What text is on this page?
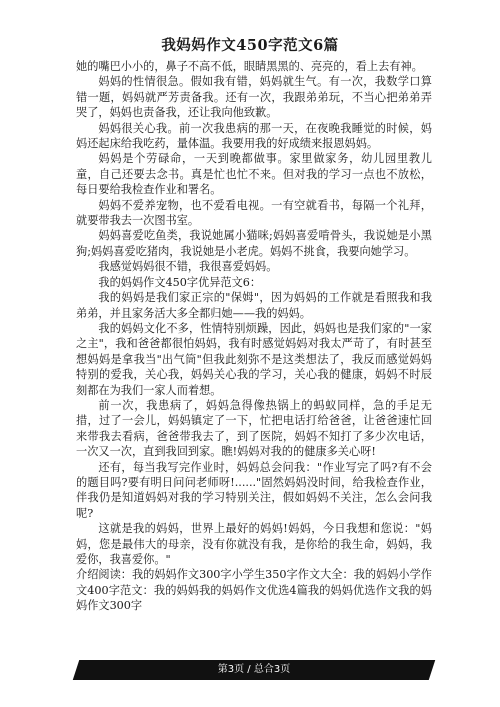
我妈妈作文450字范文6篇

她的嘴巴小小的，鼻子不高不低，眼睛黑黑的、亮亮的，看上去有神。

妈妈的性情很急。假如我有错，妈妈就生气。有一次，我数学口算错一题，妈妈就严芳责备我。还有一次，我跟弟弟玩，不当心把弟弟弄哭了，妈妈也责备我，还让我向他致歉。

妈妈很关心我。前一次我患病的那一天，在夜晚我睡觉的时候，妈妈还起床给我吃药，量体温。我要用我的好成绩来报恩妈妈。

妈妈是个劳碌命，一天到晚都做事。家里做家务，幼儿园里教儿童，自己还要去念书。真是忙也忙不来。但对我的学习一点也不放松，每日要给我检查作业和署名。

妈妈不爱养宠物，也不爱看电视。一有空就看书，每隔一个礼拜，就要带我去一次图书室。

妈妈喜爱吃鱼类，我说她属小猫咪;妈妈喜爱啃骨头，我说她是小黑狗;妈妈喜爱吃猪肉，我说她是小老虎。妈妈不挑食，我要向她学习。

我感觉妈妈很不错，我很喜爱妈妈。

我的妈妈作文450字优异范文6：

我的妈妈是我们家正宗的"保姆"，因为妈妈的工作就是看照我和我弟弟，并且家务活大多全都归她——我的妈妈。

我的妈妈文化不多，性情特别烦躁，因此，妈妈也是我们家的"一家之主"，我和爸爸都很怕妈妈，我有时感觉妈妈对我太严苛了，有时甚至想妈妈是拿我当"出气筒"但我此刻弥不是这类想法了，我反而感觉妈妈特别的爱我，关心我，妈妈关心我的学习，关心我的健康，妈妈不时辰刻都在为我们一家人而着想。

前一次，我患病了，妈妈急得像热锅上的蚂蚁同样，急的手足无措，过了一会儿，妈妈镇定了一下，忙把电话打给爸爸，让爸爸速忙回来带我去看病，爸爸带我去了，到了医院，妈妈不知打了多少次电话，一次又一次，直到我回到家。瞧!妈妈对我的的健康多关心呀!

还有，每当我写完作业时，妈妈总会问我："作业写完了吗?有不会的题目吗?要有明日问问老师呀!......"固然妈妈没时间，给我检查作业，伴我仍是知道妈妈对我的学习特别关注，假如妈妈不关注，怎么会问我呢?

这就是我的妈妈，世界上最好的妈妈!妈妈，今日我想和您说："妈妈，您是最伟大的母亲，没有你就没有我，是你给的我生命，妈妈，我爱你，我喜爱你。"

介绍阅读：我的妈妈作文300字小学生350字作文大全：我的妈妈小学作文400字范文：我的妈妈我的妈妈作文优选4篇我的妈妈优选作文我的妈妈作文300字

第3页 / 总合3页
